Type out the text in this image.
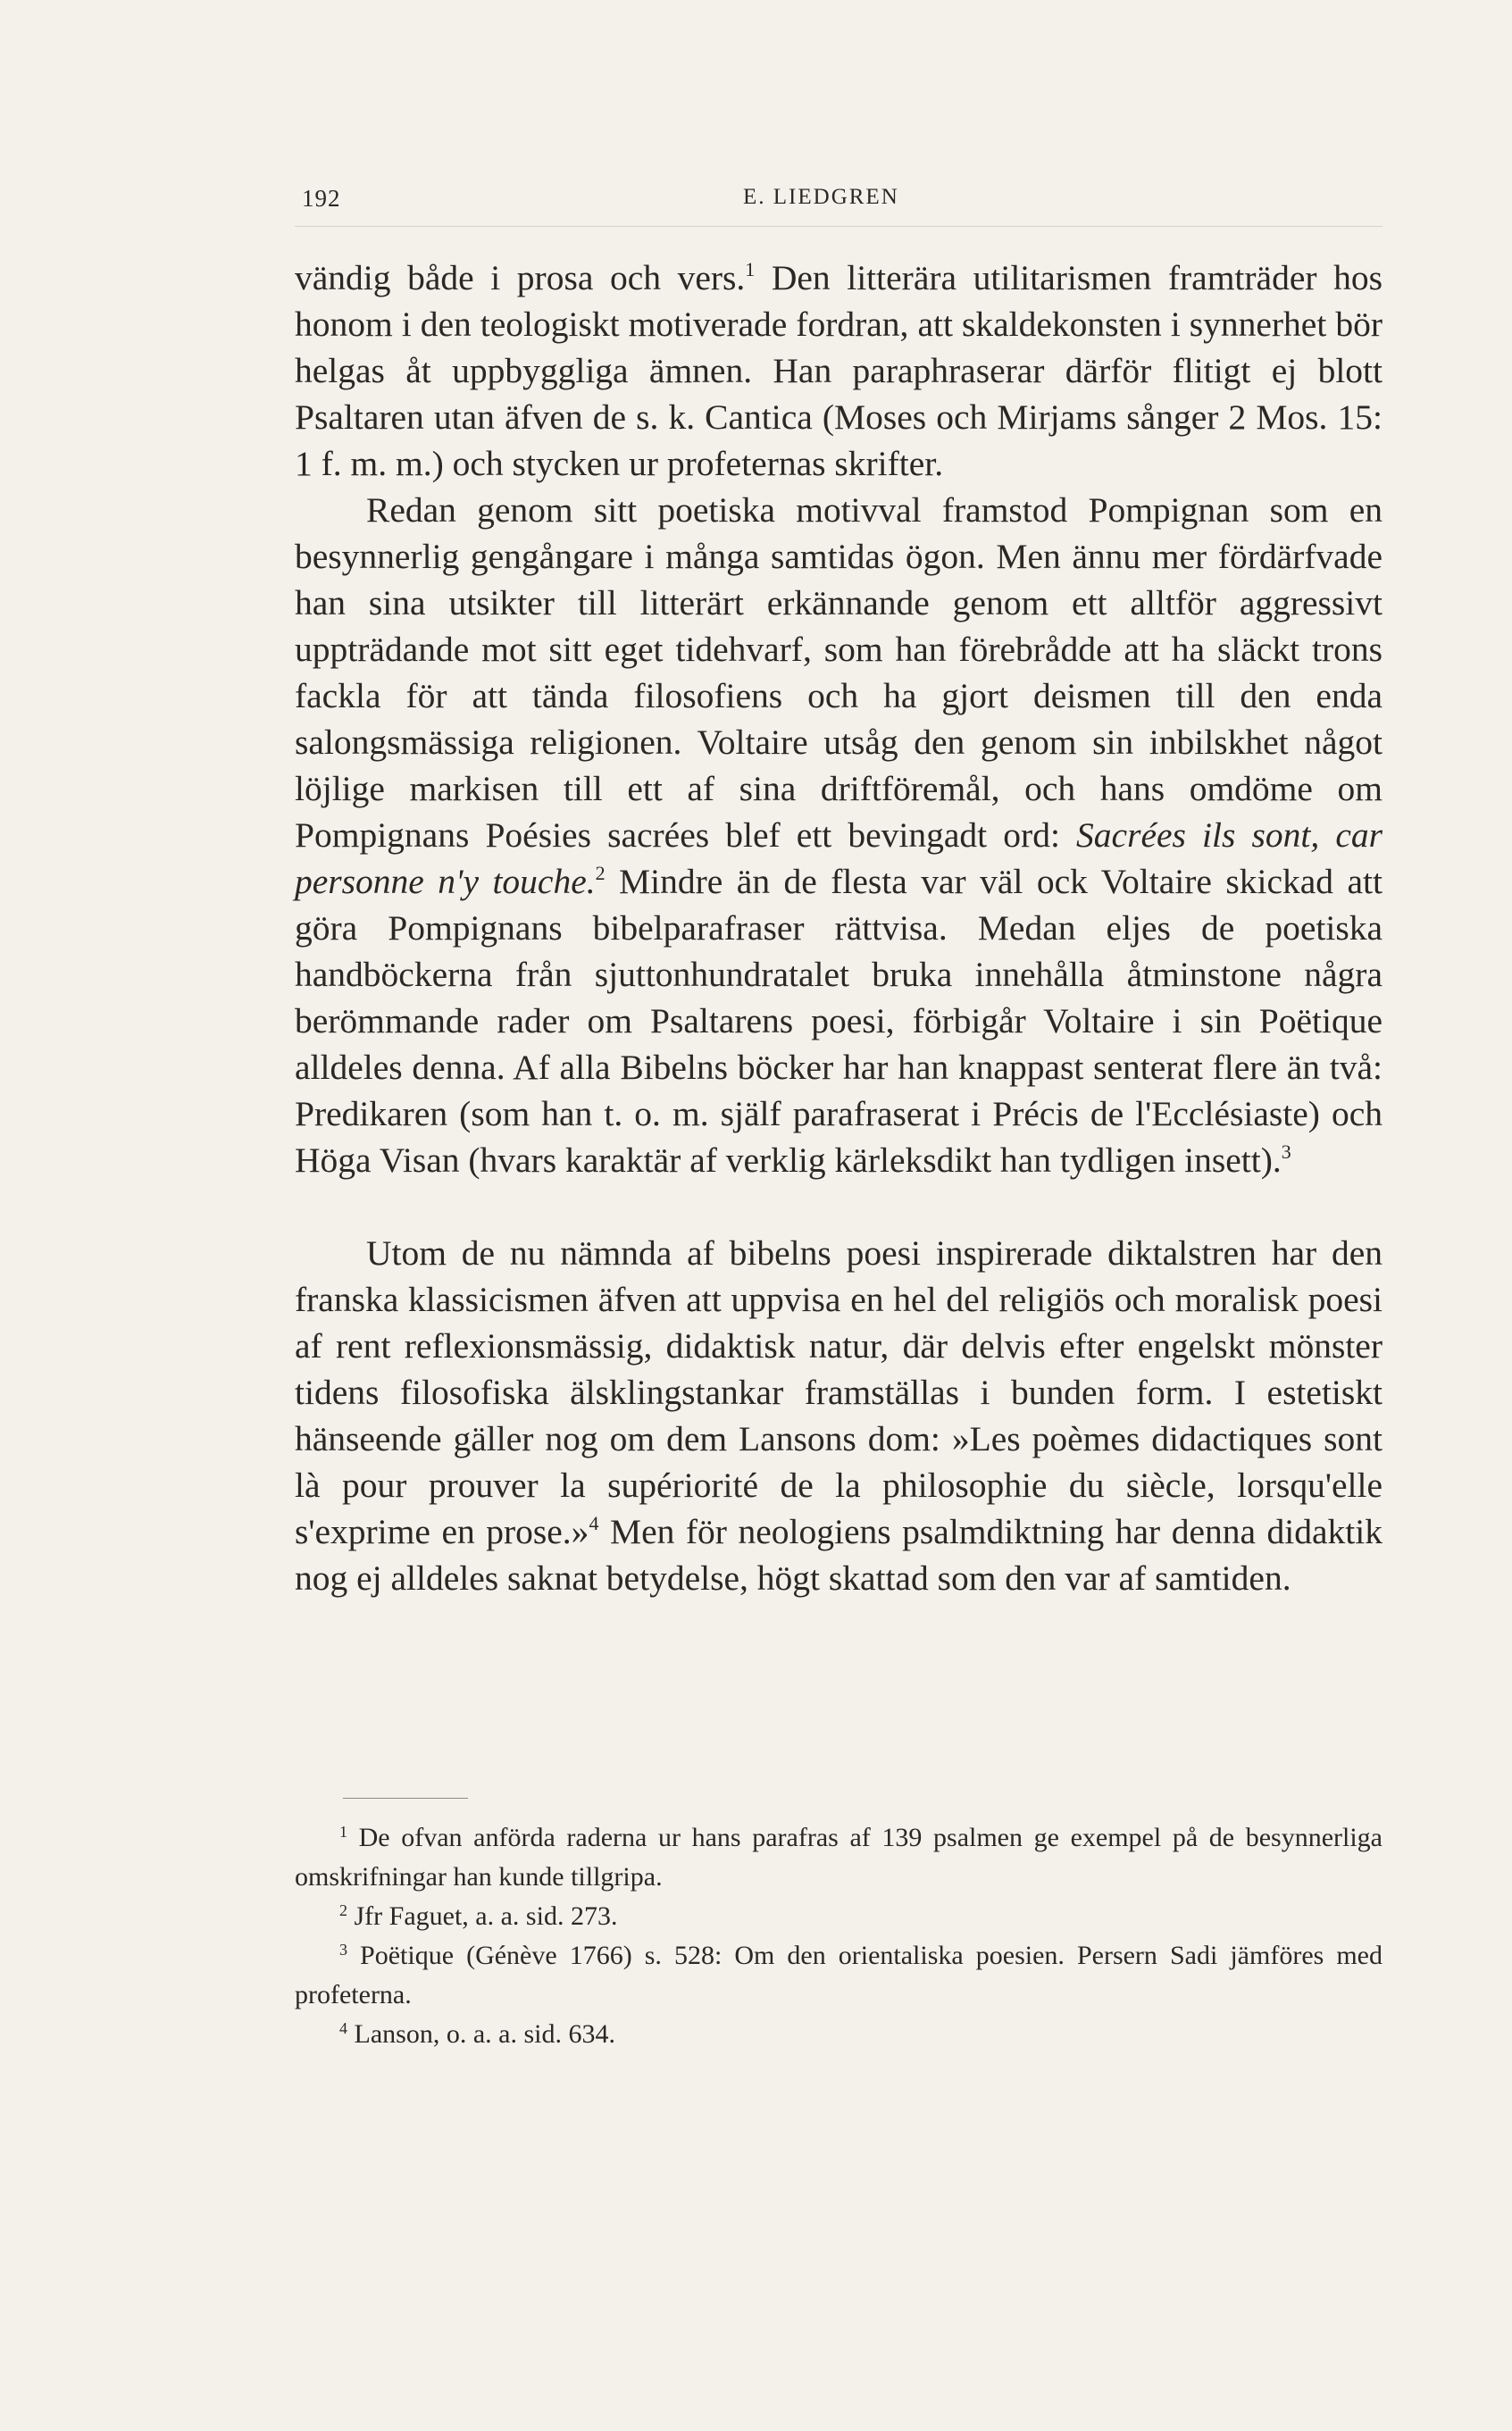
192	E. LIEDGREN

vändig både i prosa och vers.$^1$ Den litterära utilitarismen framträder hos honom i den teologiskt motiverade fordran, att skaldekonsten i synnerhet bör helgas åt uppbyggliga ämnen. Han paraphraserar därför flitigt ej blott Psaltaren utan äfven de s. k. Cantica (Moses och Mirjams sånger 2 Mos. 15: 1 f. m. m.) och stycken ur profeternas skrifter.

Redan genom sitt poetiska motivval framstod Pompignan som en besynnerlig gengångare i många samtidas ögon. Men ännu mer fördärfvade han sina utsikter till litterärt erkännande genom ett alltför aggressivt uppträdande mot sitt eget tidehvarf, som han förebrådde att ha släckt trons fackla för att tända filosofiens och ha gjort deismen till den enda salongsmässiga religionen. Voltaire utsåg den genom sin inbilskhet något löjlige markisen till ett af sina driftföremål, och hans omdöme om Pompignans Poésies sacrées blef ett bevingadt ord: Sacrées ils sont, car personne n'y touche.$^2$ Mindre än de flesta var väl ock Voltaire skickad att göra Pompignans bibelparafraser rättvisa. Medan eljes de poetiska handböckerna från sjuttonhundratalet bruka innehålla åtminstone några berömmande rader om Psaltarens poesi, förbigår Voltaire i sin Poëtique alldeles denna. Af alla Bibelns böcker har han knappast senterat flere än två: Predikaren (som han t. o. m. själf parafraserat i Précis de l'Ecclésiaste) och Höga Visan (hvars karaktär af verklig kärleksdikt han tydligen insett).$^3$

Utom de nu nämnda af bibelns poesi inspirerade diktalstren har den franska klassicismen äfven att uppvisa en hel del religiös och moralisk poesi af rent reflexionsmässig, didaktisk natur, där delvis efter engelskt mönster tidens filosofiska älsklingstankar framställas i bunden form. I estetiskt hänseende gäller nog om dem Lansons dom: »Les poèmes didactiques sont là pour prouver la supériorité de la philosophie du siècle, lorsqu'elle s'exprime en prose.»$^4$ Men för neologiens psalmdiktning har denna didaktik nog ej alldeles saknat betydelse, högt skattad som den var af samtiden.

$^1$ De ofvan anförda raderna ur hans parafras af 139 psalmen ge exempel på de besynnerliga omskrifningar han kunde tillgripa.

$^2$ Jfr Faguet, a. a. sid. 273.

$^3$ Poëtique (Génève 1766) s. 528: Om den orientaliska poesien. Persern Sadi jämföres med profeterna.

$^4$ Lanson, o. a. a. sid. 634.
